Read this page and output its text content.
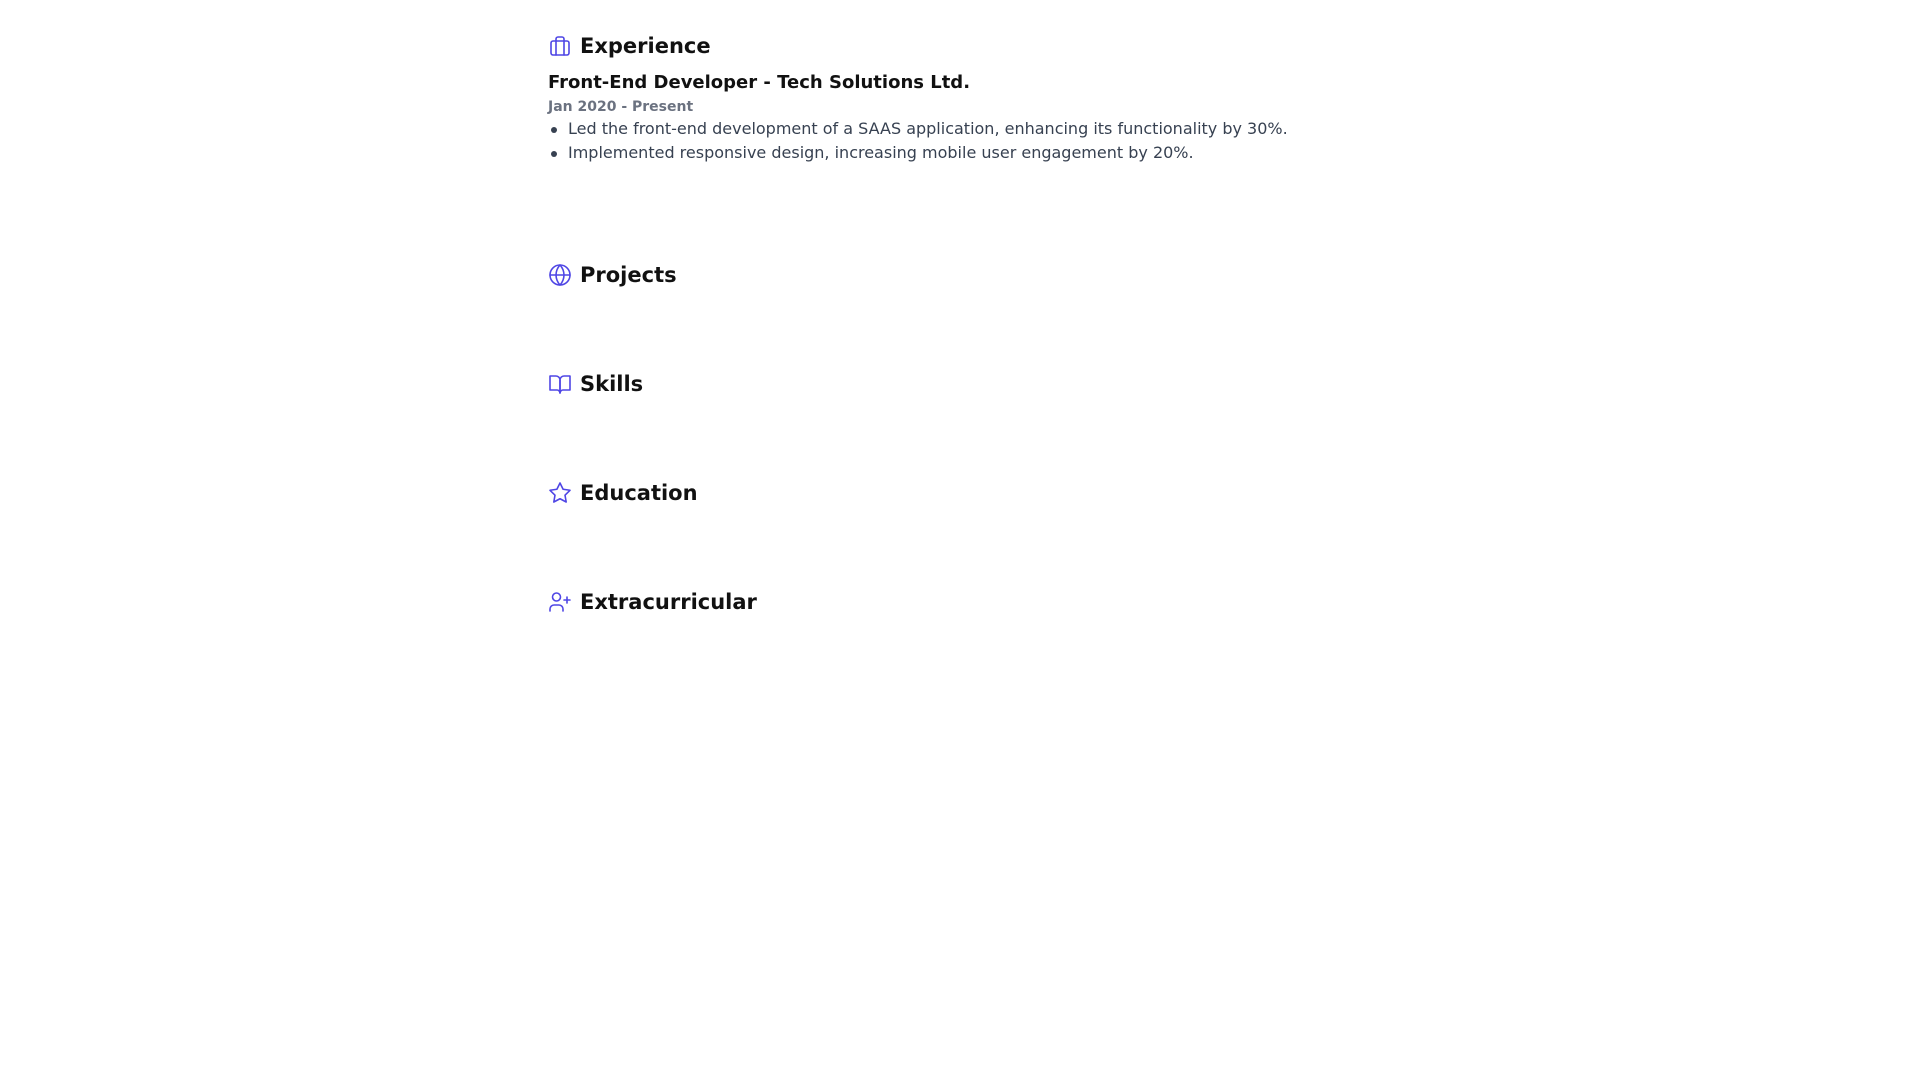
Experience
Front-End Developer - Tech Solutions Ltd.
Jan 2020 - Present
Led the front-end development of a SAAS application, enhancing its functionality by 30%.
Implemented responsive design, increasing mobile user engagement by 20%.
Projects
Skills
Education
Extracurricular
